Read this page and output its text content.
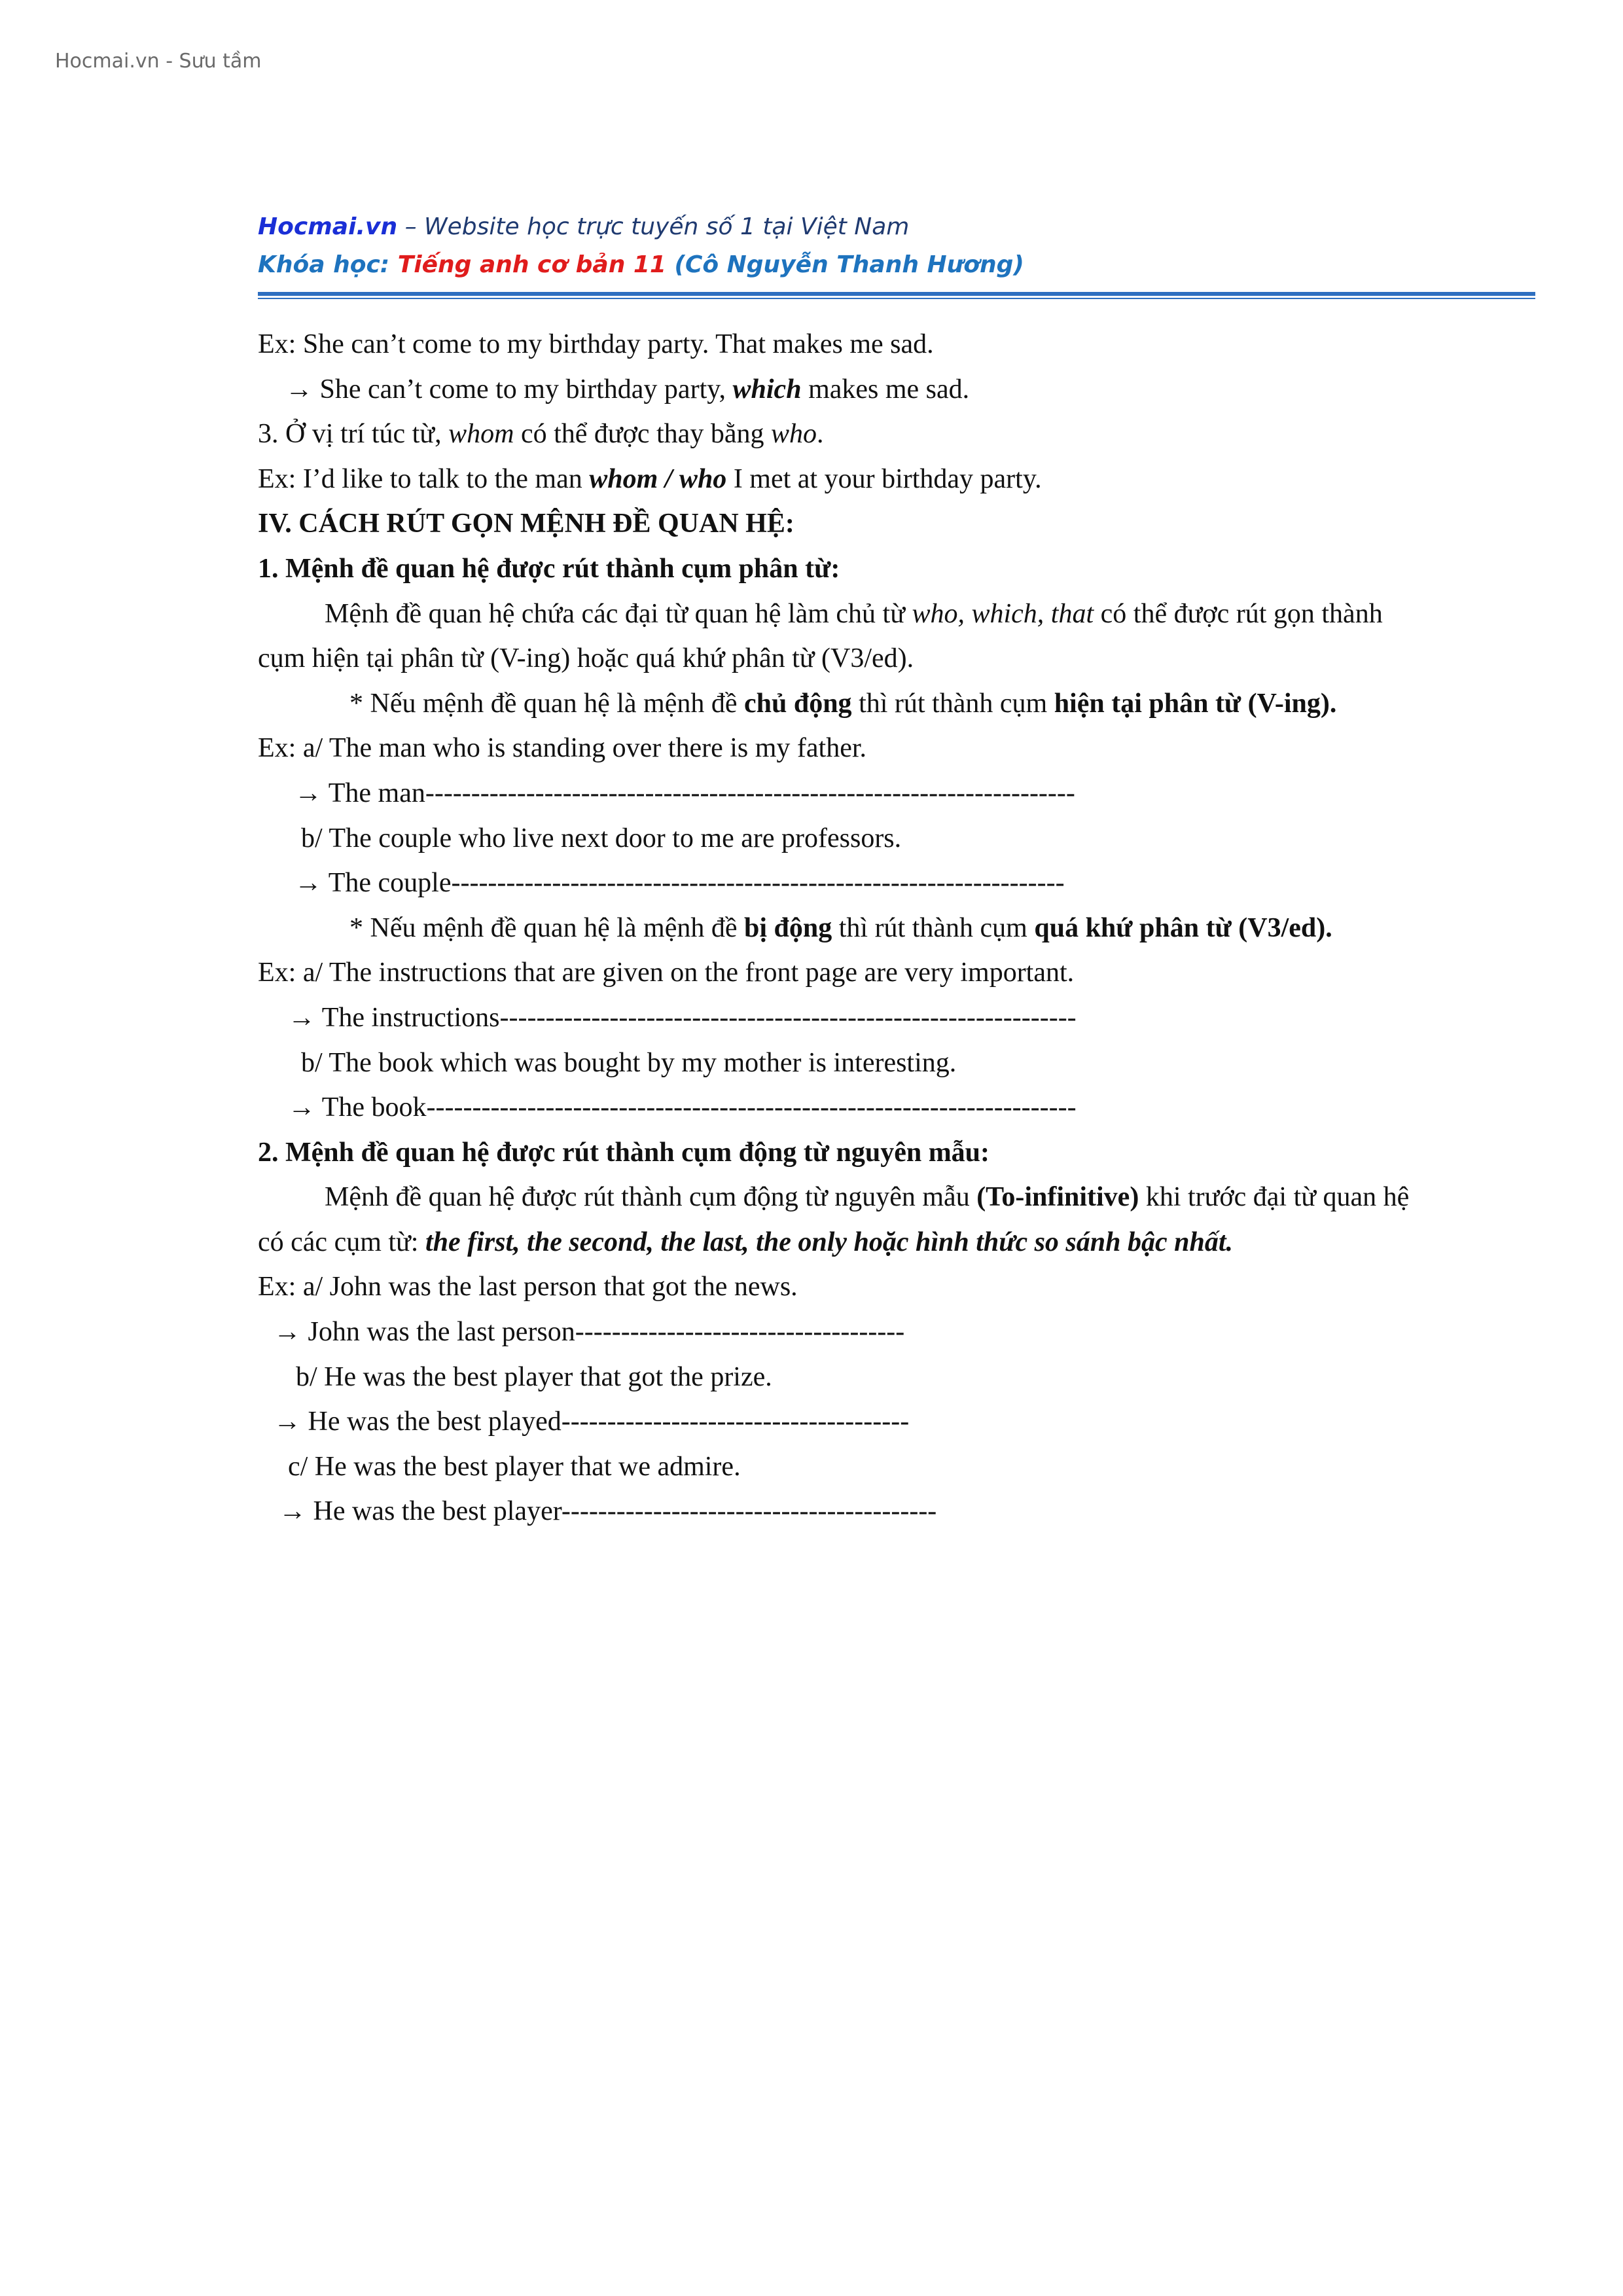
Hocmai.vn - Sưu tầm
Hocmai.vn – Website học trực tuyến số 1 tại Việt Nam
Khóa học: Tiếng anh cơ bản 11 (Cô Nguyễn Thanh Hương)
Ex: She can’t come to my birthday party. That makes me sad.
→ She can’t come to my birthday party, which makes me sad.
3. Ở vị trí túc từ, whom có thể được thay bằng who.
Ex: I’d like to talk to the man whom / who I met at your birthday party.
IV. CÁCH RÚT GỌN MỆNH ĐỀ QUAN HỆ:
1. Mệnh đề quan hệ được rút thành cụm phân từ:
Mệnh đề quan hệ chứa các đại từ quan hệ làm chủ từ who, which, that có thể được rút gọn thành
cụm hiện tại phân từ (V-ing) hoặc quá khứ phân từ (V3/ed).
* Nếu mệnh đề quan hệ là mệnh đề chủ động thì rút thành cụm hiện tại phân từ (V-ing).
Ex: a/ The man who is standing over there is my father.
→ The man-----------------------------------------------------------------------
b/ The couple who live next door to me are professors.
→ The couple-------------------------------------------------------------------
* Nếu mệnh đề quan hệ là mệnh đề bị động thì rút thành cụm quá khứ phân từ (V3/ed).
Ex: a/ The instructions that are given on the front page are very important.
→ The instructions---------------------------------------------------------------
b/ The book which was bought by my mother is interesting.
→ The book-----------------------------------------------------------------------
2. Mệnh đề quan hệ được rút thành cụm động từ nguyên mẫu:
Mệnh đề quan hệ được rút thành cụm động từ nguyên mẫu (To-infinitive) khi trước đại từ quan hệ
có các cụm từ: the first, the second, the last, the only hoặc hình thức so sánh bậc nhất.
Ex: a/ John was the last person that got the news.
→ John was the last person------------------------------------
b/ He was the best player that got the prize.
→ He was the best played--------------------------------------
c/ He was the best player that we admire.
→ He was the best player-----------------------------------------
